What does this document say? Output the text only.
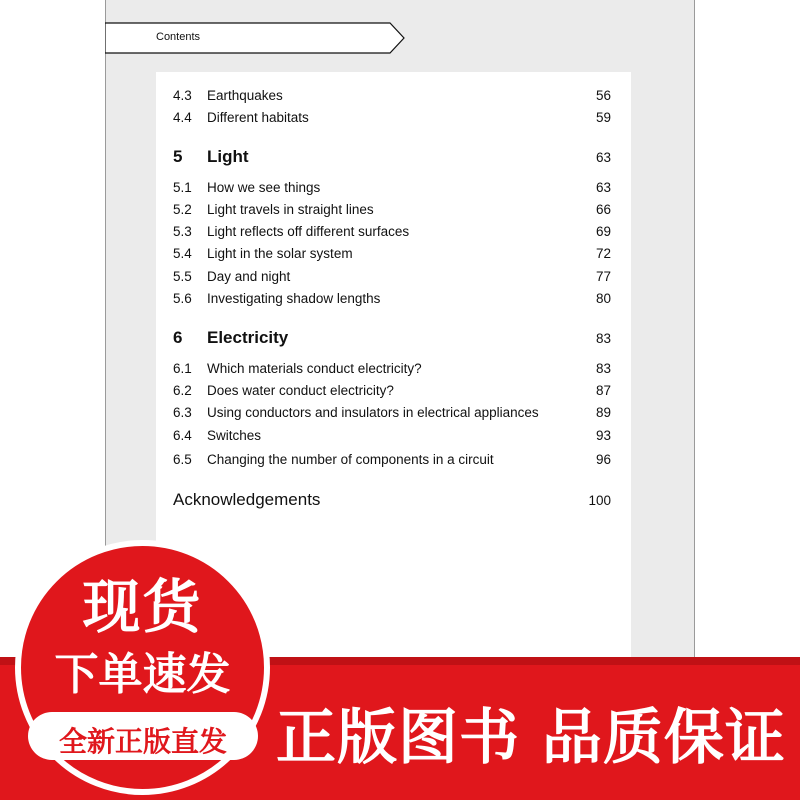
Contents
4.3	Earthquakes	56
4.4	Different habitats	59
5	Light	63
5.1	How we see things	63
5.2	Light travels in straight lines	66
5.3	Light reflects off different surfaces	69
5.4	Light in the solar system	72
5.5	Day and night	77
5.6	Investigating shadow lengths	80
6	Electricity	83
6.1	Which materials conduct electricity?	83
6.2	Does water conduct electricity?	87
6.3	Using conductors and insulators in electrical appliances	89
6.4	Switches	93
6.5	Changing the number of components in a circuit	96
Acknowledgements	100
正版图书 品质保证
现货
下单速发
全新正版直发
